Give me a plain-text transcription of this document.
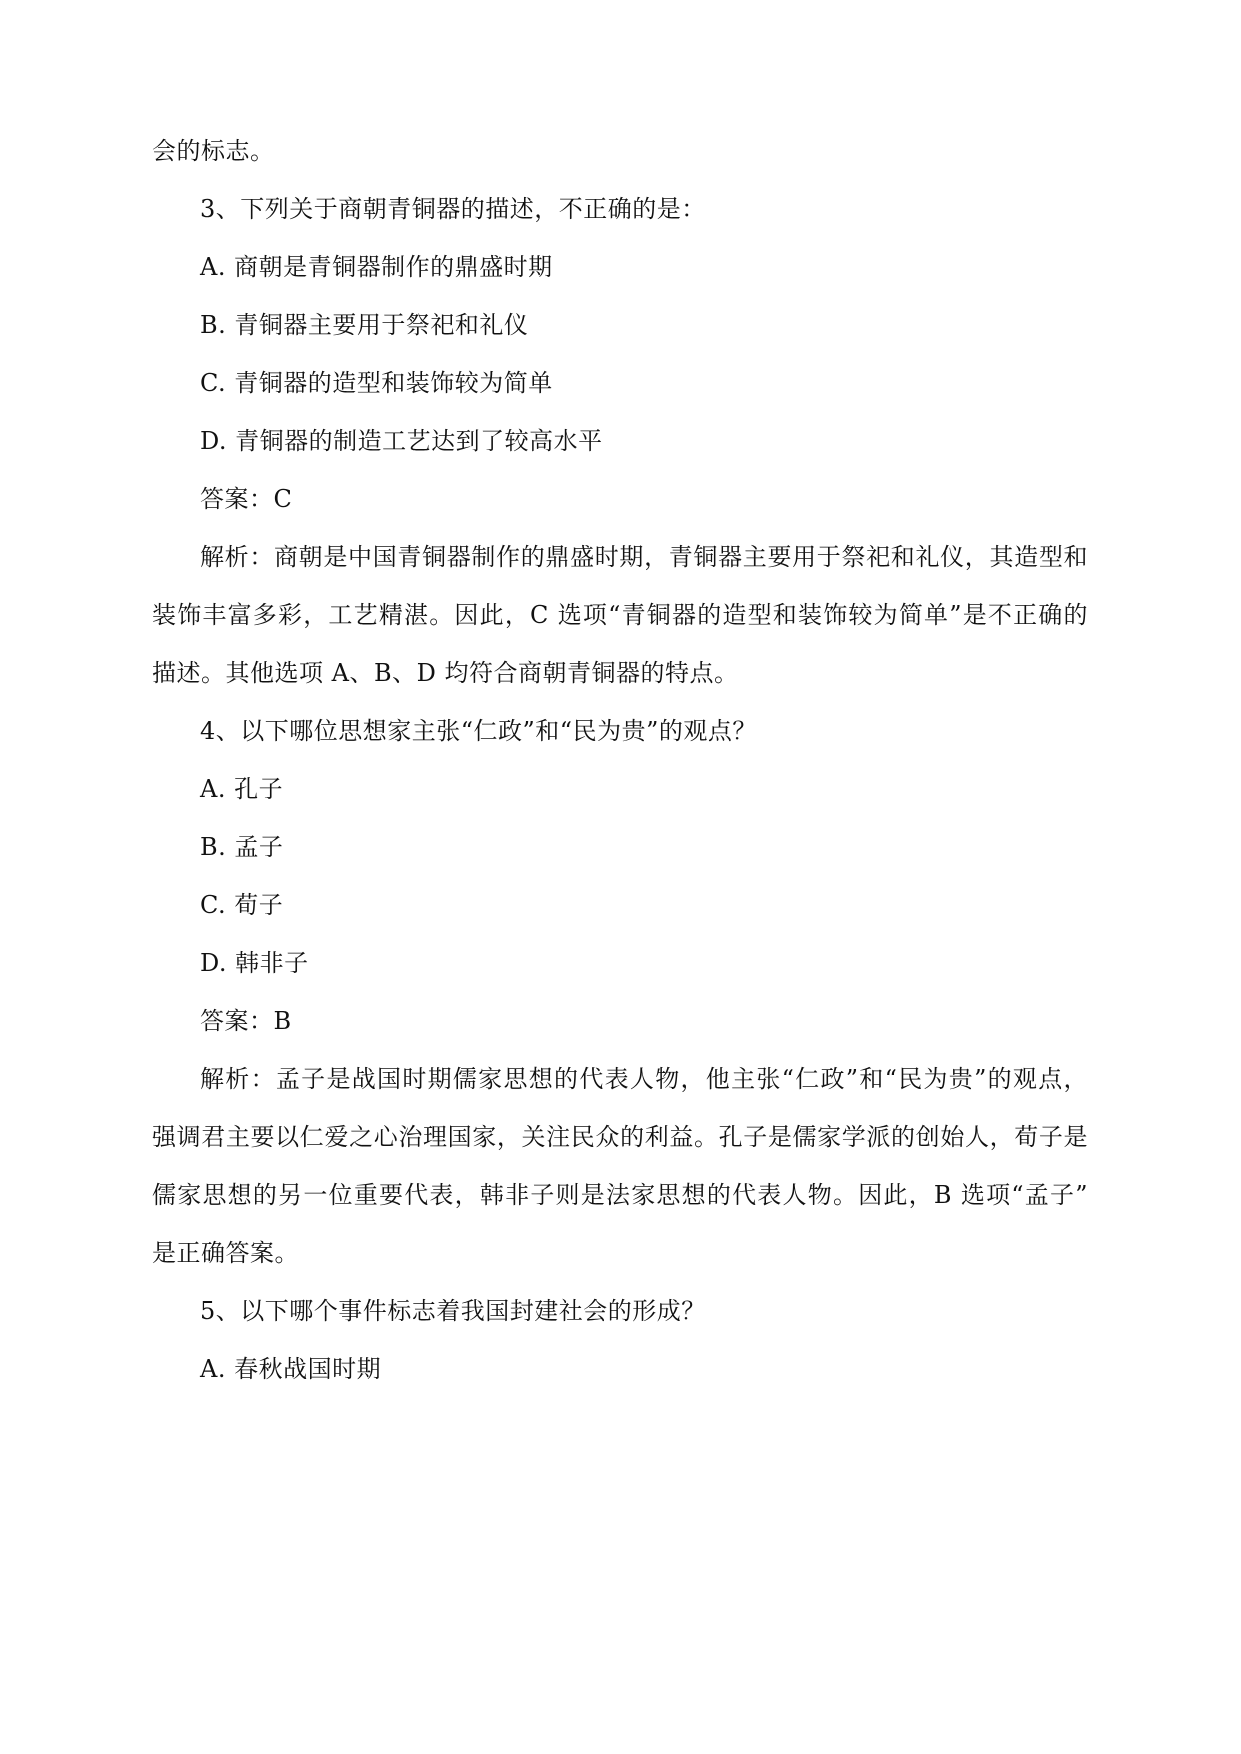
会的标志。
3、下列关于商朝青铜器的描述，不正确的是：
A. 商朝是青铜器制作的鼎盛时期
B. 青铜器主要用于祭祀和礼仪
C. 青铜器的造型和装饰较为简单
D. 青铜器的制造工艺达到了较高水平
答案：C
解析：商朝是中国青铜器制作的鼎盛时期，青铜器主要用于祭祀和礼仪，其造型和
装饰丰富多彩，工艺精湛。因此，C 选项“青铜器的造型和装饰较为简单”是不正确的
描述。其他选项 A、B、D 均符合商朝青铜器的特点。
4、以下哪位思想家主张“仁政”和“民为贵”的观点？
A. 孔子
B. 孟子
C. 荀子
D. 韩非子
答案：B
解析：孟子是战国时期儒家思想的代表人物，他主张“仁政”和“民为贵”的观点，
强调君主要以仁爱之心治理国家，关注民众的利益。孔子是儒家学派的创始人，荀子是
儒家思想的另一位重要代表，韩非子则是法家思想的代表人物。因此，B 选项“孟子”
是正确答案。
5、以下哪个事件标志着我国封建社会的形成？
A. 春秋战国时期
